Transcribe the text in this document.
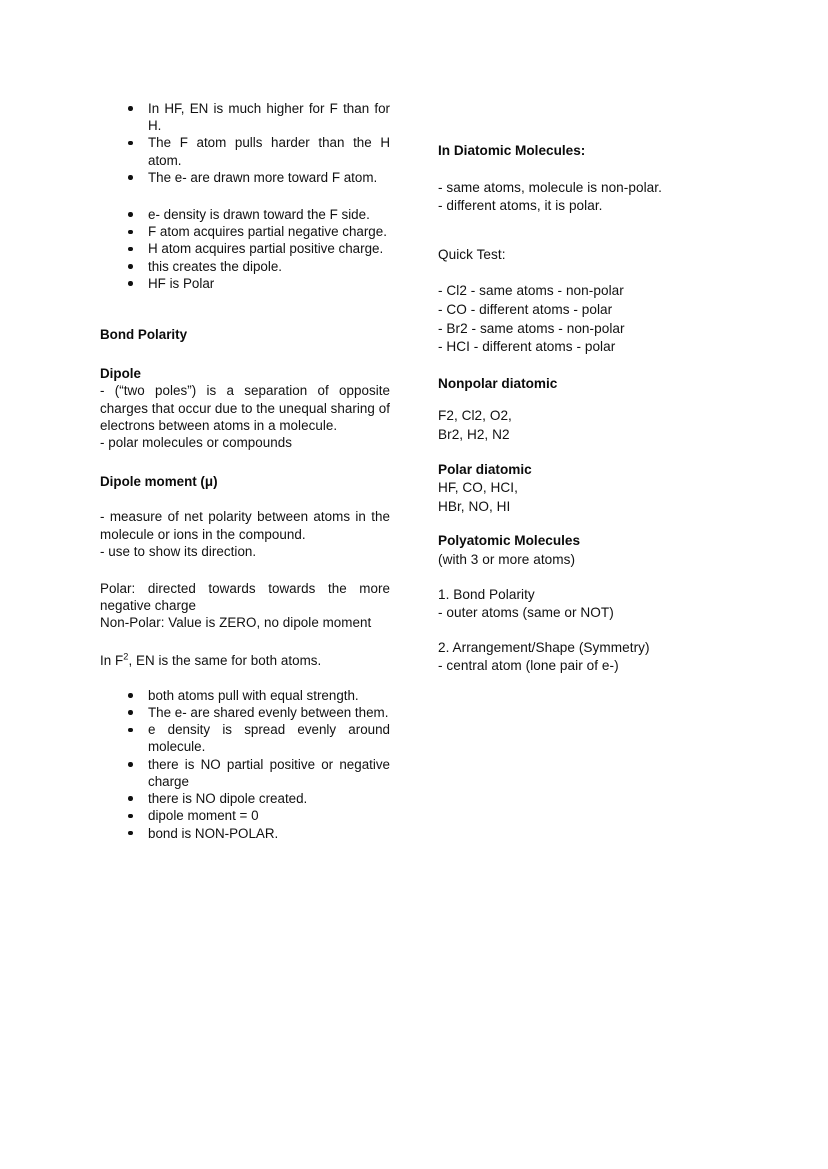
In HF, EN is much higher for F than for H.
The F atom pulls harder than the H atom.
The e- are drawn more toward F atom.
e- density is drawn toward the F side.
F atom acquires partial negative charge.
H atom acquires partial positive charge.
this creates the dipole.
HF is Polar
Bond Polarity
Dipole

- (“two poles”) is a separation of opposite charges that occur due to the unequal sharing of electrons between atoms in a molecule.

- polar molecules or compounds

Dipole moment (μ)

- measure of net polarity between atoms in the molecule or ions in the compound.

- use to show its direction.

Polar: directed towards towards the more negative charge

Non-Polar: Value is ZERO, no dipole moment

In $F^2$, EN is the same for both atoms.

both atoms pull with equal strength.
The e- are shared evenly between them.
e density is spread evenly around molecule.
there is NO partial positive or negative charge
there is NO dipole created.
dipole moment = 0
bond is NON-POLAR.
In Diatomic Molecules:

- same atoms, molecule is non-polar.

- different atoms, it is polar.

Quick Test:

- Cl2 - same atoms - non-polar

- CO - different atoms - polar

- Br2 - same atoms - non-polar

- HCI - different atoms - polar

Nonpolar diatomic

F2, Cl2, O2,

Br2, H2, N2

Polar diatomic

HF, CO, HCI,

HBr, NO, HI

Polyatomic Molecules

(with 3 or more atoms)

1. Bond Polarity

- outer atoms (same or NOT)

2. Arrangement/Shape (Symmetry)

- central atom (lone pair of e-)
